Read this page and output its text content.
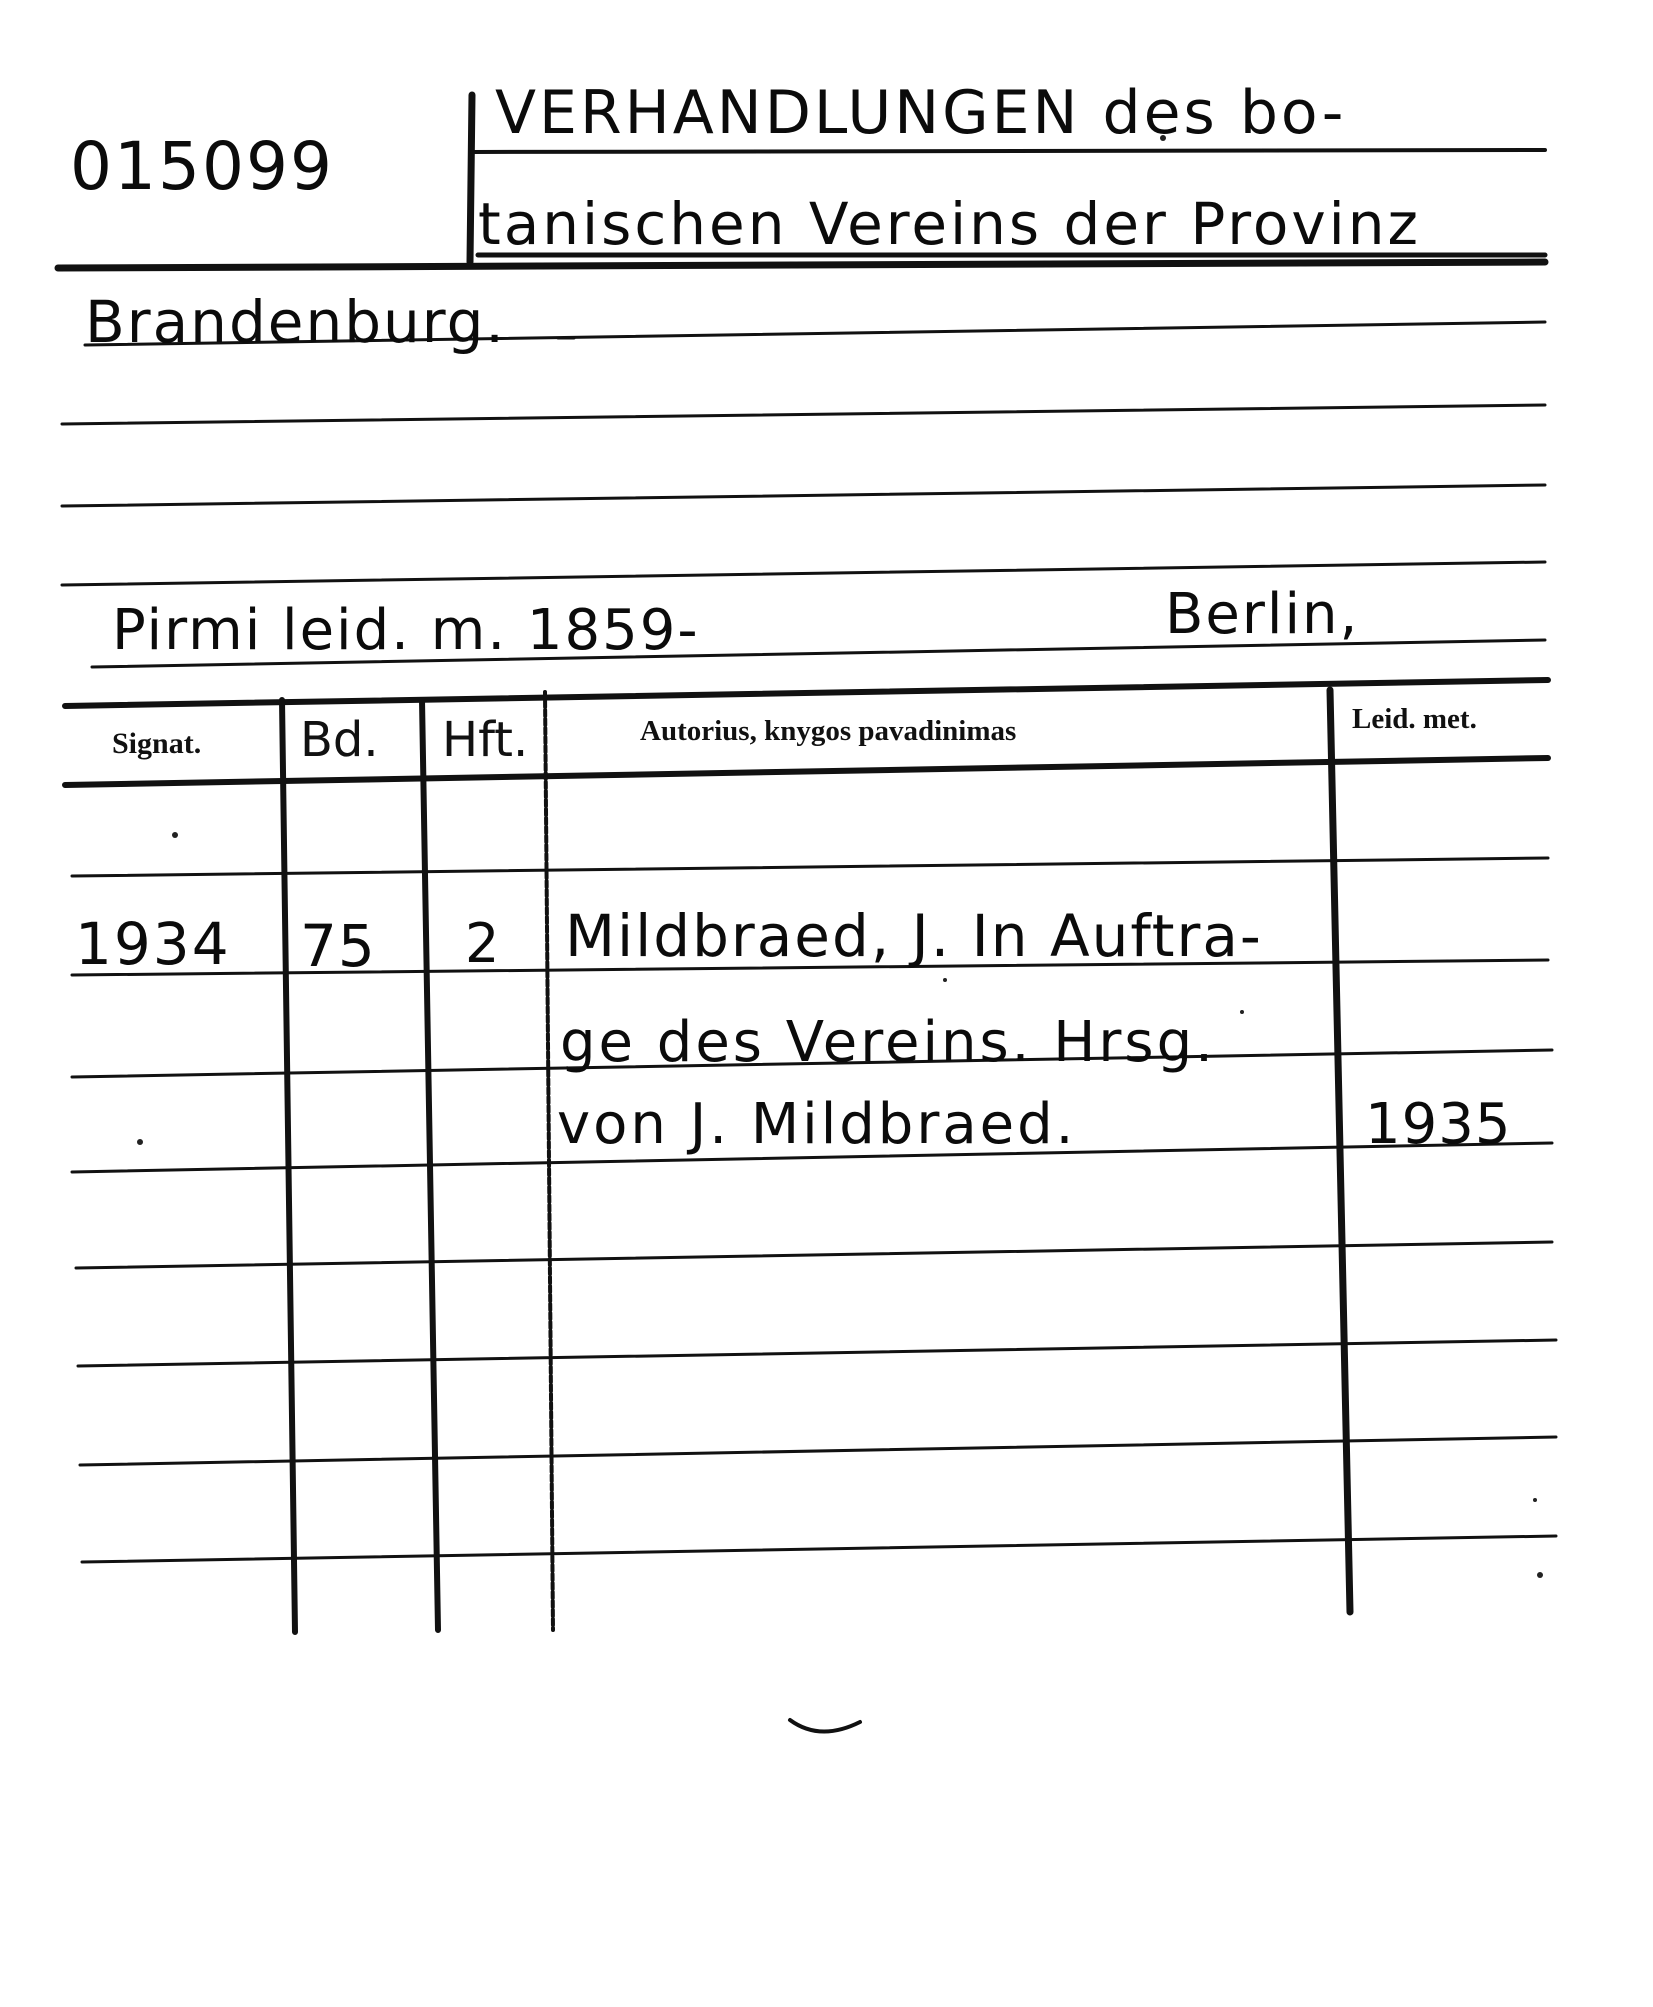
015099
VERHANDLUNGEN des bo-
tanischen Vereins der Provinz
Brandenburg.
Pirmi leid. m. 1859-	Berlin,
Signat. Bd. Hft.	Autorius, knygos pavadinimas	Leid. met.
1934 75 2 Mildbraed, J. In Auftra-
ge des Vereins. Hrsg.
von J. Mildbraed.	1935
